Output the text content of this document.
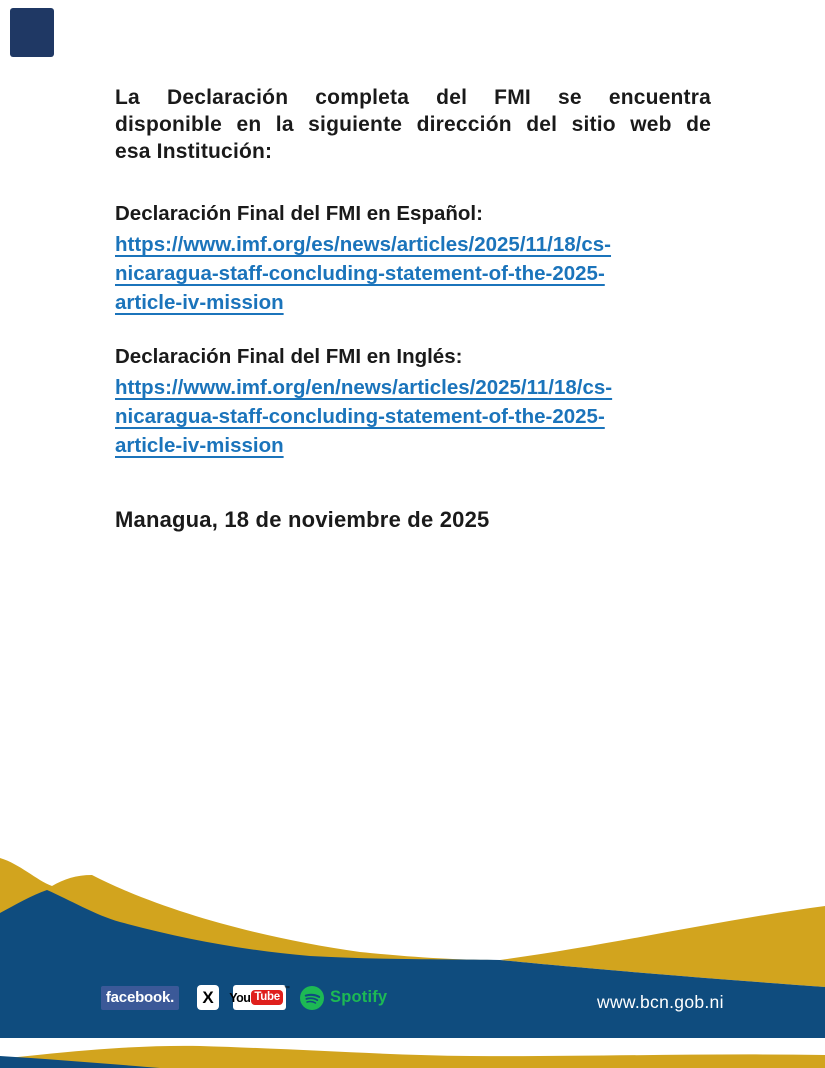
La Declaración completa del FMI se encuentra
disponible en la siguiente dirección del sitio web de
esa Institución:
Declaración Final del FMI en Español:
https://www.imf.org/es/news/articles/2025/11/18/cs-
nicaragua-staff-concluding-statement-of-the-2025-
article-iv-mission
Declaración Final del FMI en Inglés:
https://www.imf.org/en/news/articles/2025/11/18/cs-
nicaragua-staff-concluding-statement-of-the-2025-
article-iv-mission
Managua, 18 de noviembre de 2025
facebook.	X	You Tube
™ Spotify	www.bcn.gob.ni
